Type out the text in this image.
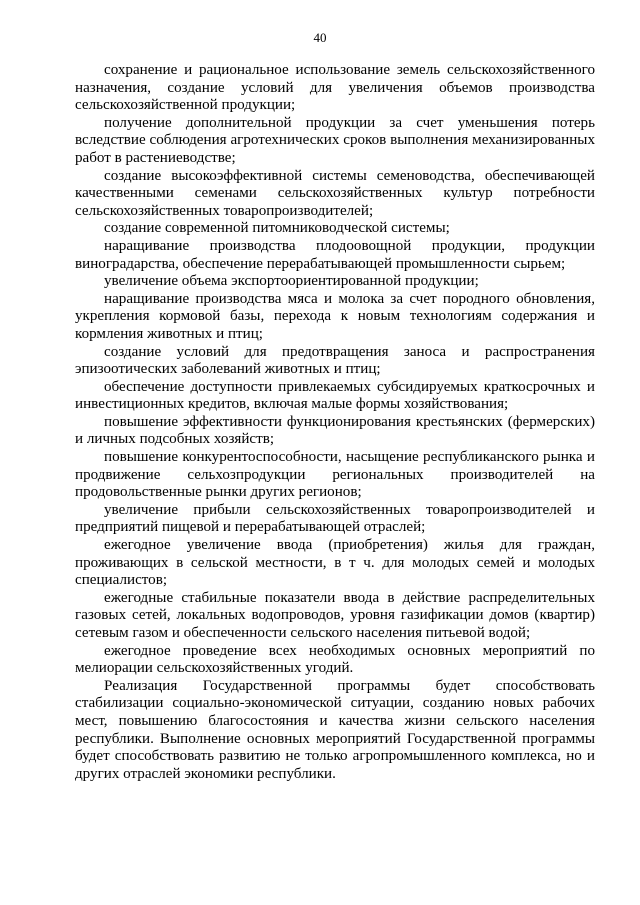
40

сохранение и рациональное использование земель сельскохозяйственного назначения, создание условий для увеличения объемов производства сельскохозяйственной продукции;

получение дополнительной продукции за счет уменьшения потерь вследствие соблюдения агротехнических сроков выполнения механизированных работ в растениеводстве;

создание высокоэффективной системы семеноводства, обеспечивающей качественными семенами сельскохозяйственных культур потребности сельскохозяйственных товаропроизводителей;

создание современной питомниководческой системы;

наращивание производства плодоовощной продукции, продукции виноградарства, обеспечение перерабатывающей промышленности сырьем;

увеличение объема экспортоориентированной продукции;

наращивание производства мяса и молока за счет породного обновления, укрепления кормовой базы, перехода к новым технологиям содержания и кормления животных и птиц;

создание условий для предотвращения заноса и распространения эпизоотических заболеваний животных и птиц;

обеспечение доступности привлекаемых субсидируемых краткосрочных и инвестиционных кредитов, включая малые формы хозяйствования;

повышение эффективности функционирования крестьянских (фермерских) и личных подсобных хозяйств;

повышение конкурентоспособности, насыщение республиканского рынка и продвижение сельхозпродукции региональных производителей на продовольственные рынки других регионов;

увеличение прибыли сельскохозяйственных товаропроизводителей и предприятий пищевой и перерабатывающей отраслей;

ежегодное увеличение ввода (приобретения) жилья для граждан, проживающих в сельской местности, в т ч. для молодых семей и молодых специалистов;

ежегодные стабильные показатели ввода в действие распределительных газовых сетей, локальных водопроводов, уровня газификации домов (квартир) сетевым газом и обеспеченности сельского населения питьевой водой;

ежегодное проведение всех необходимых основных мероприятий по мелиорации сельскохозяйственных угодий.

Реализация Государственной программы будет способствовать стабилизации социально-экономической ситуации, созданию новых рабочих мест, повышению благосостояния и качества жизни сельского населения республики. Выполнение основных мероприятий Государственной программы будет способствовать развитию не только агропромышленного комплекса, но и других отраслей экономики республики.
